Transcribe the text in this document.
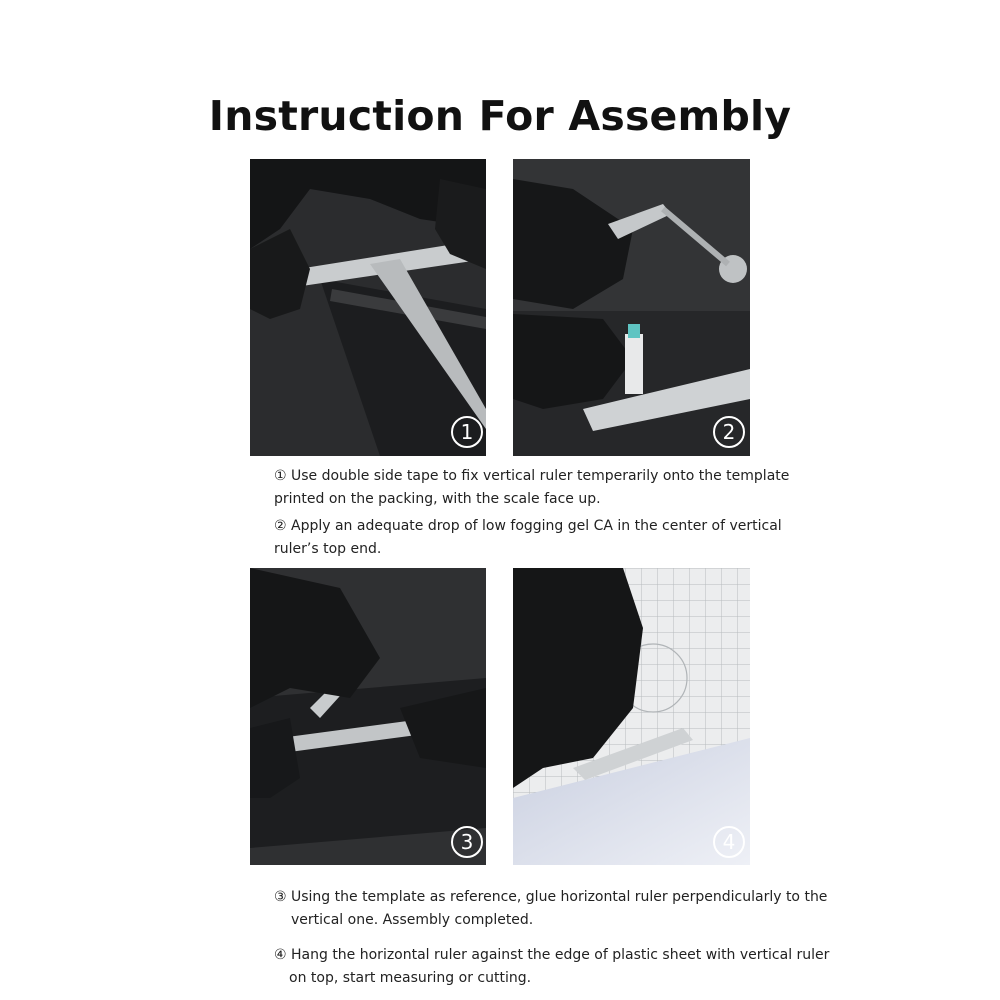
Instruction For Assembly
1	2
① Use double side tape to fix vertical ruler temperarily onto the template
printed on the packing, with the scale face up.
② Apply an adequate drop of low fogging gel CA in the center of vertical
ruler’s top end.
3	4
③ Using the template as reference, glue horizontal ruler perpendicularly to the
vertical one. Assembly completed.
④ Hang the horizontal ruler against the edge of plastic sheet with vertical ruler
on top, start measuring or cutting.
